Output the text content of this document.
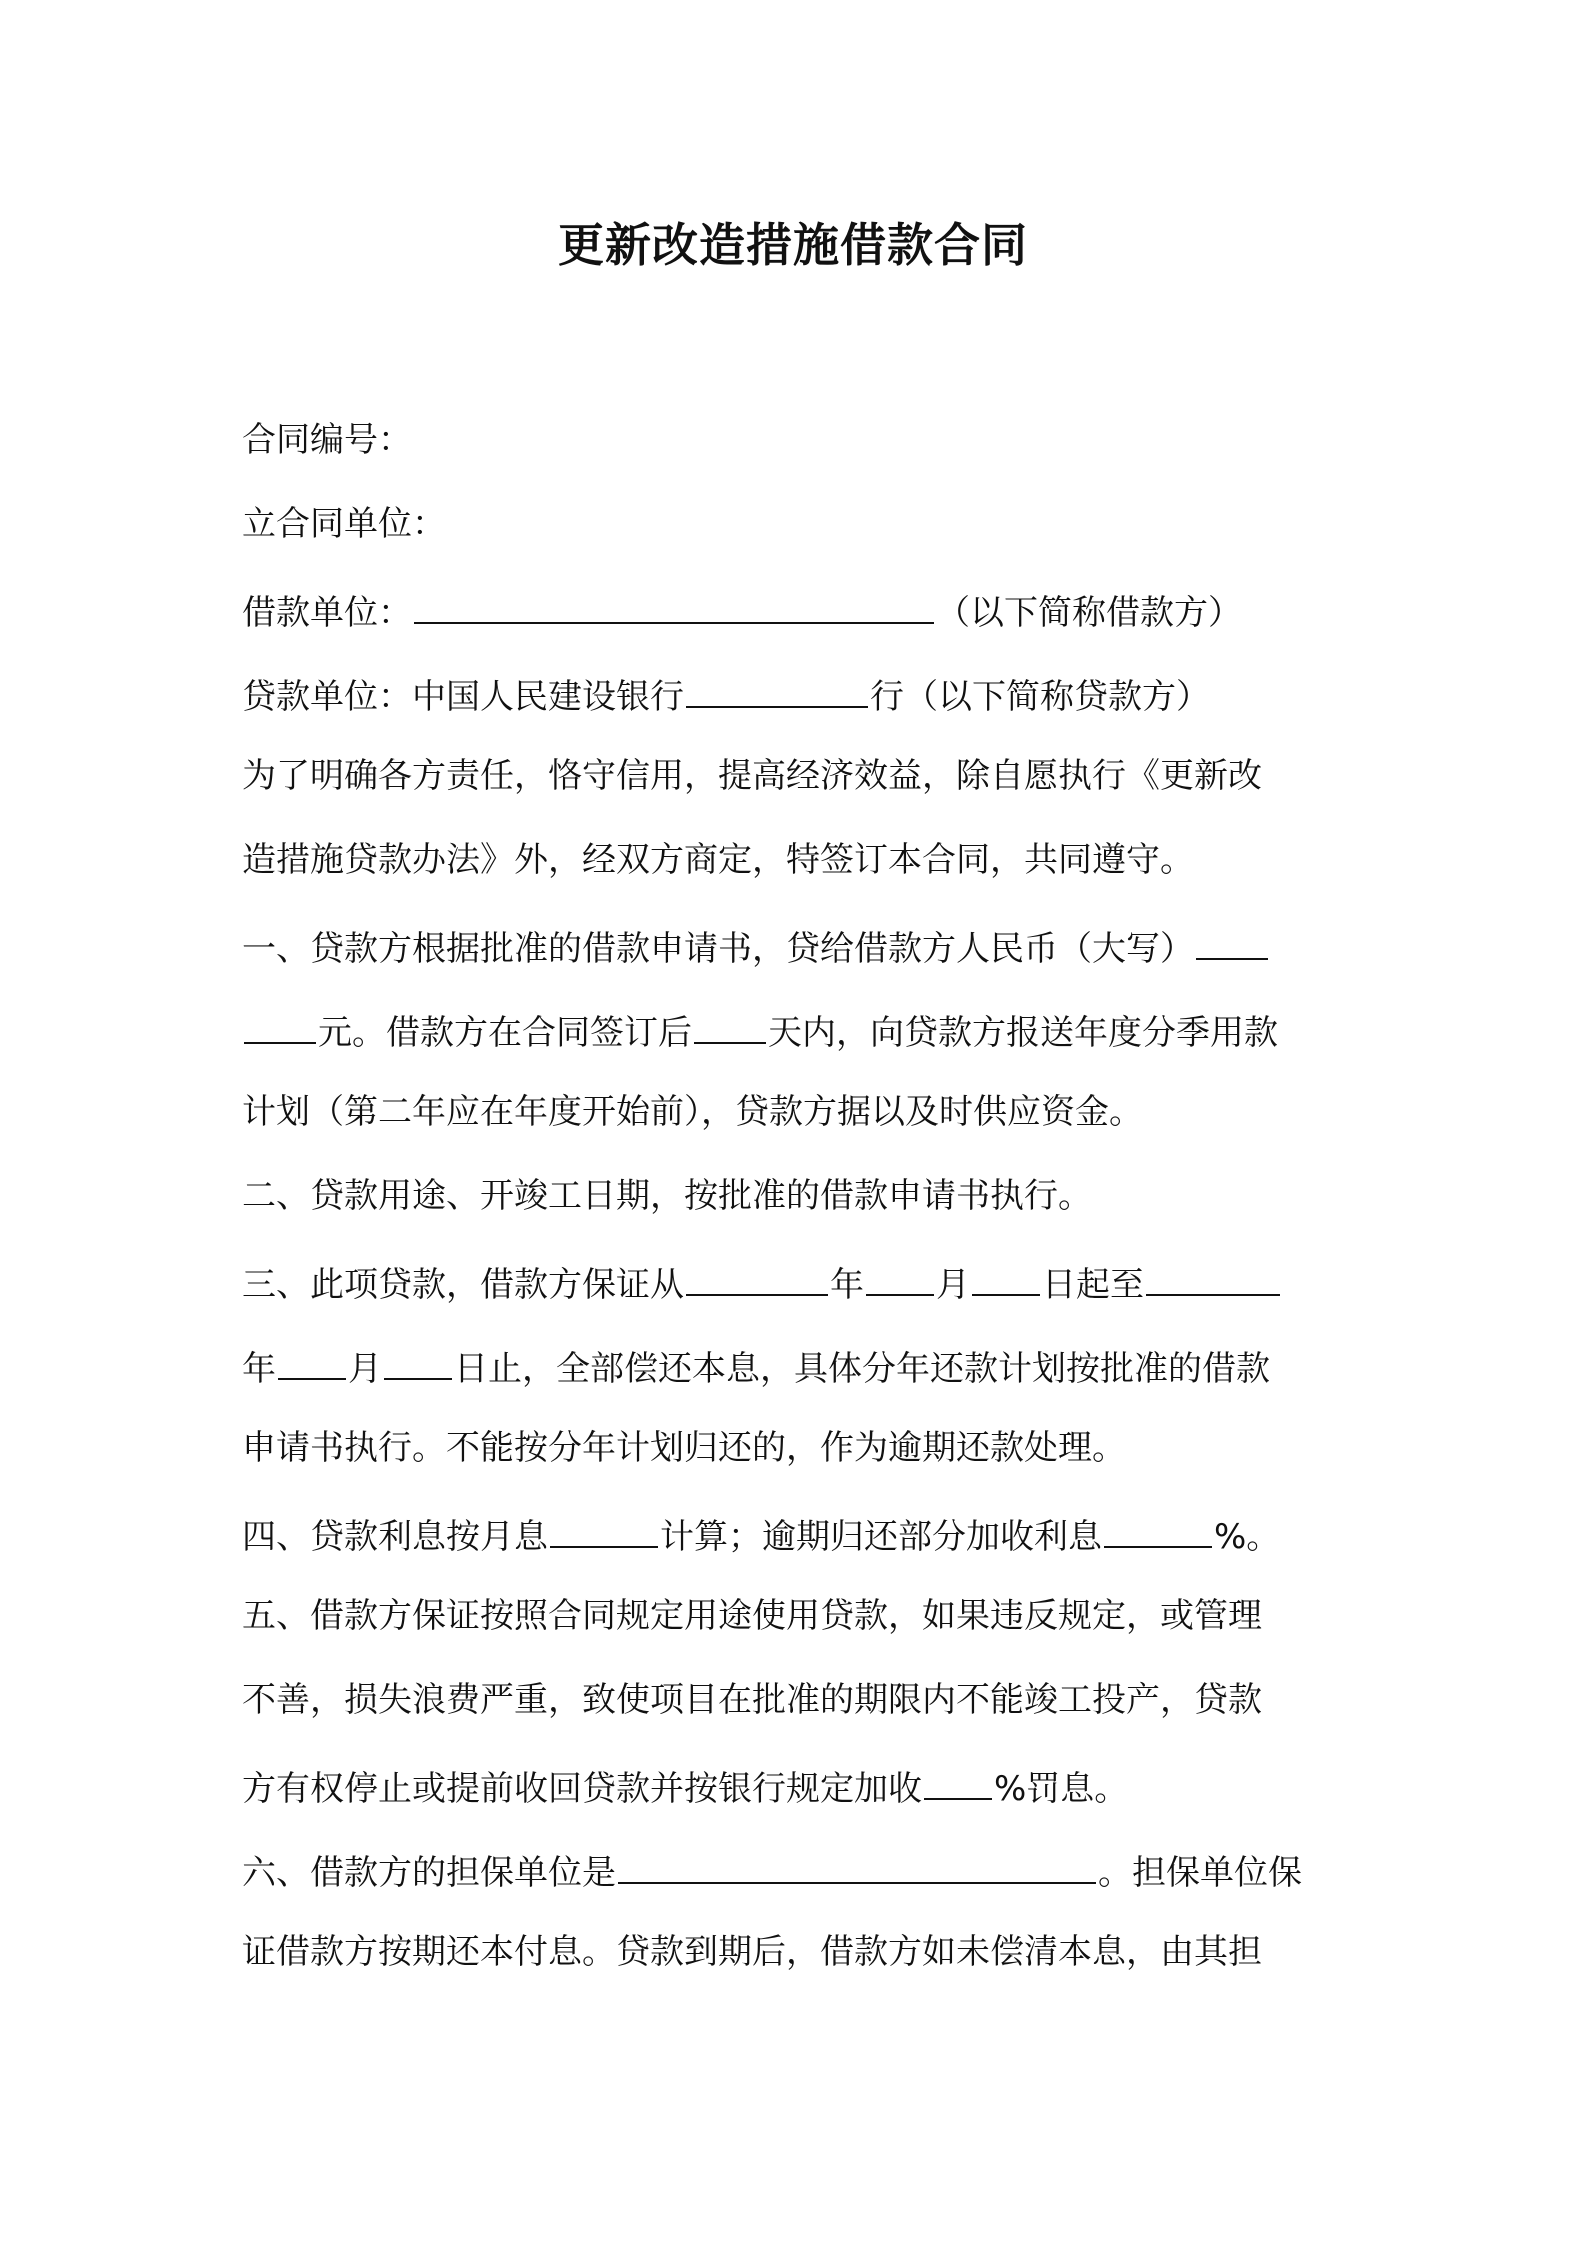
更新改造措施借款合同
合同编号：
立合同单位：
借款单位：	（以下简称借款方）
贷款单位：中国人民建设银行	行（以下简称贷款方）
为了明确各方责任，恪守信用，提高经济效益，除自愿执行《更新改
造措施贷款办法》外，经双方商定，特签订本合同，共同遵守。
一、贷款方根据批准的借款申请书，贷给借款方人民币（大写）
元。借款方在合同签订后 天内，向贷款方报送年度分季用款
计划（第二年应在年度开始前），贷款方据以及时供应资金。
二、贷款用途、开竣工日期，按批准的借款申请书执行。
三、此项贷款，借款方保证从	年 月 日起至
年 月 日止，全部偿还本息，具体分年还款计划按批准的借款
申请书执行。不能按分年计划归还的，作为逾期还款处理。
四、贷款利息按月息	计算；逾期归还部分加收利息	%。
五、借款方保证按照合同规定用途使用贷款，如果违反规定，或管理
不善，损失浪费严重，致使项目在批准的期限内不能竣工投产，贷款
方有权停止或提前收回贷款并按银行规定加收 %罚息。
六、借款方的担保单位是	。担保单位保
证借款方按期还本付息。贷款到期后，借款方如未偿清本息，由其担
